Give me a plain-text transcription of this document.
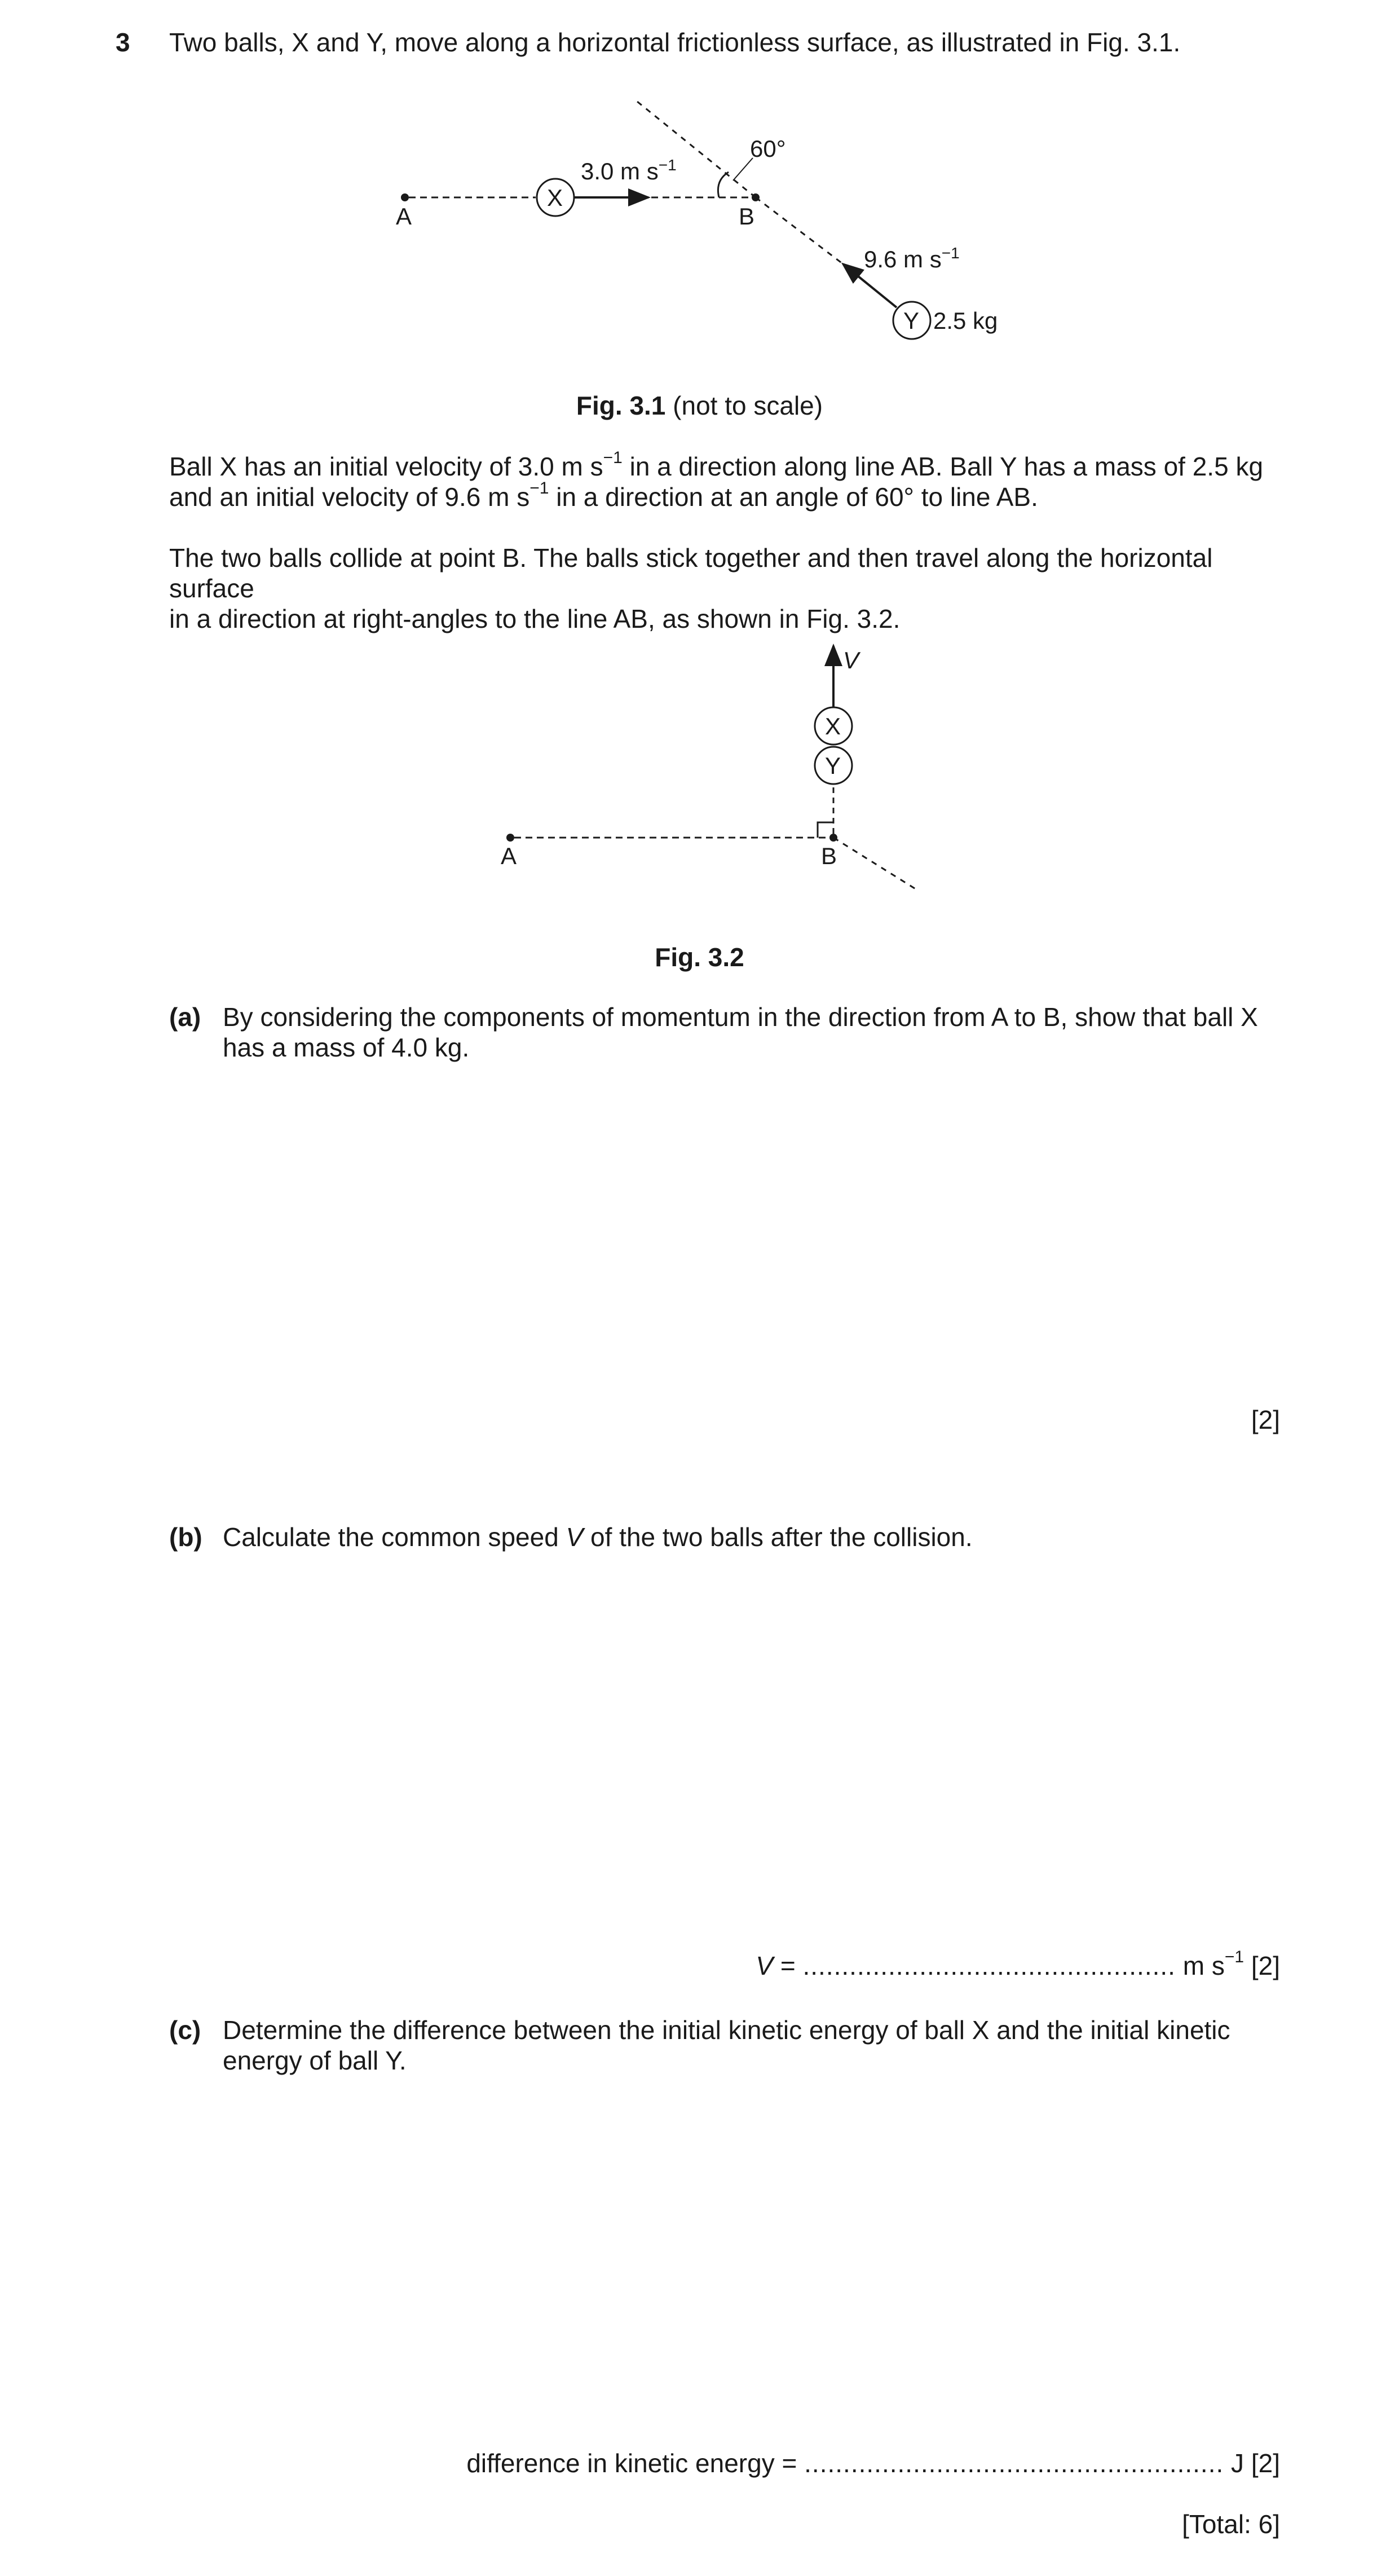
3 Two balls, X and Y, move along a horizontal frictionless surface, as illustrated in Fig. 3.1.
A
X
B
Y
3.0 m $s^{-1}$
60°
9.6 m $s^{-1}$
2.5 kg
Fig. 3.1 (not to scale)
Ball X has an initial velocity of 3.0 m $s^{-1}$ in a direction along line AB. Ball Y has a mass of 2.5 kg
and an initial velocity of 9.6 m $s^{-1}$ in a direction at an angle of 60° to line AB.
The two balls collide at point B. The balls stick together and then travel along the horizontal surface
in a direction at right-angles to the line AB, as shown in Fig. 3.2.
A	B
Y
X
V
Fig. 3.2
(a) By considering the components of momentum in the direction from A to B, show that ball X
has a mass of 4.0 kg.
[2]
(b) Calculate the common speed V of the two balls after the collision.
V = ................................................ m $s^{-1}$ [2]
(c) Determine the difference between the initial kinetic energy of ball X and the initial kinetic
energy of ball Y.
difference in kinetic energy = ...................................................... J [2]
[Total: 6]
